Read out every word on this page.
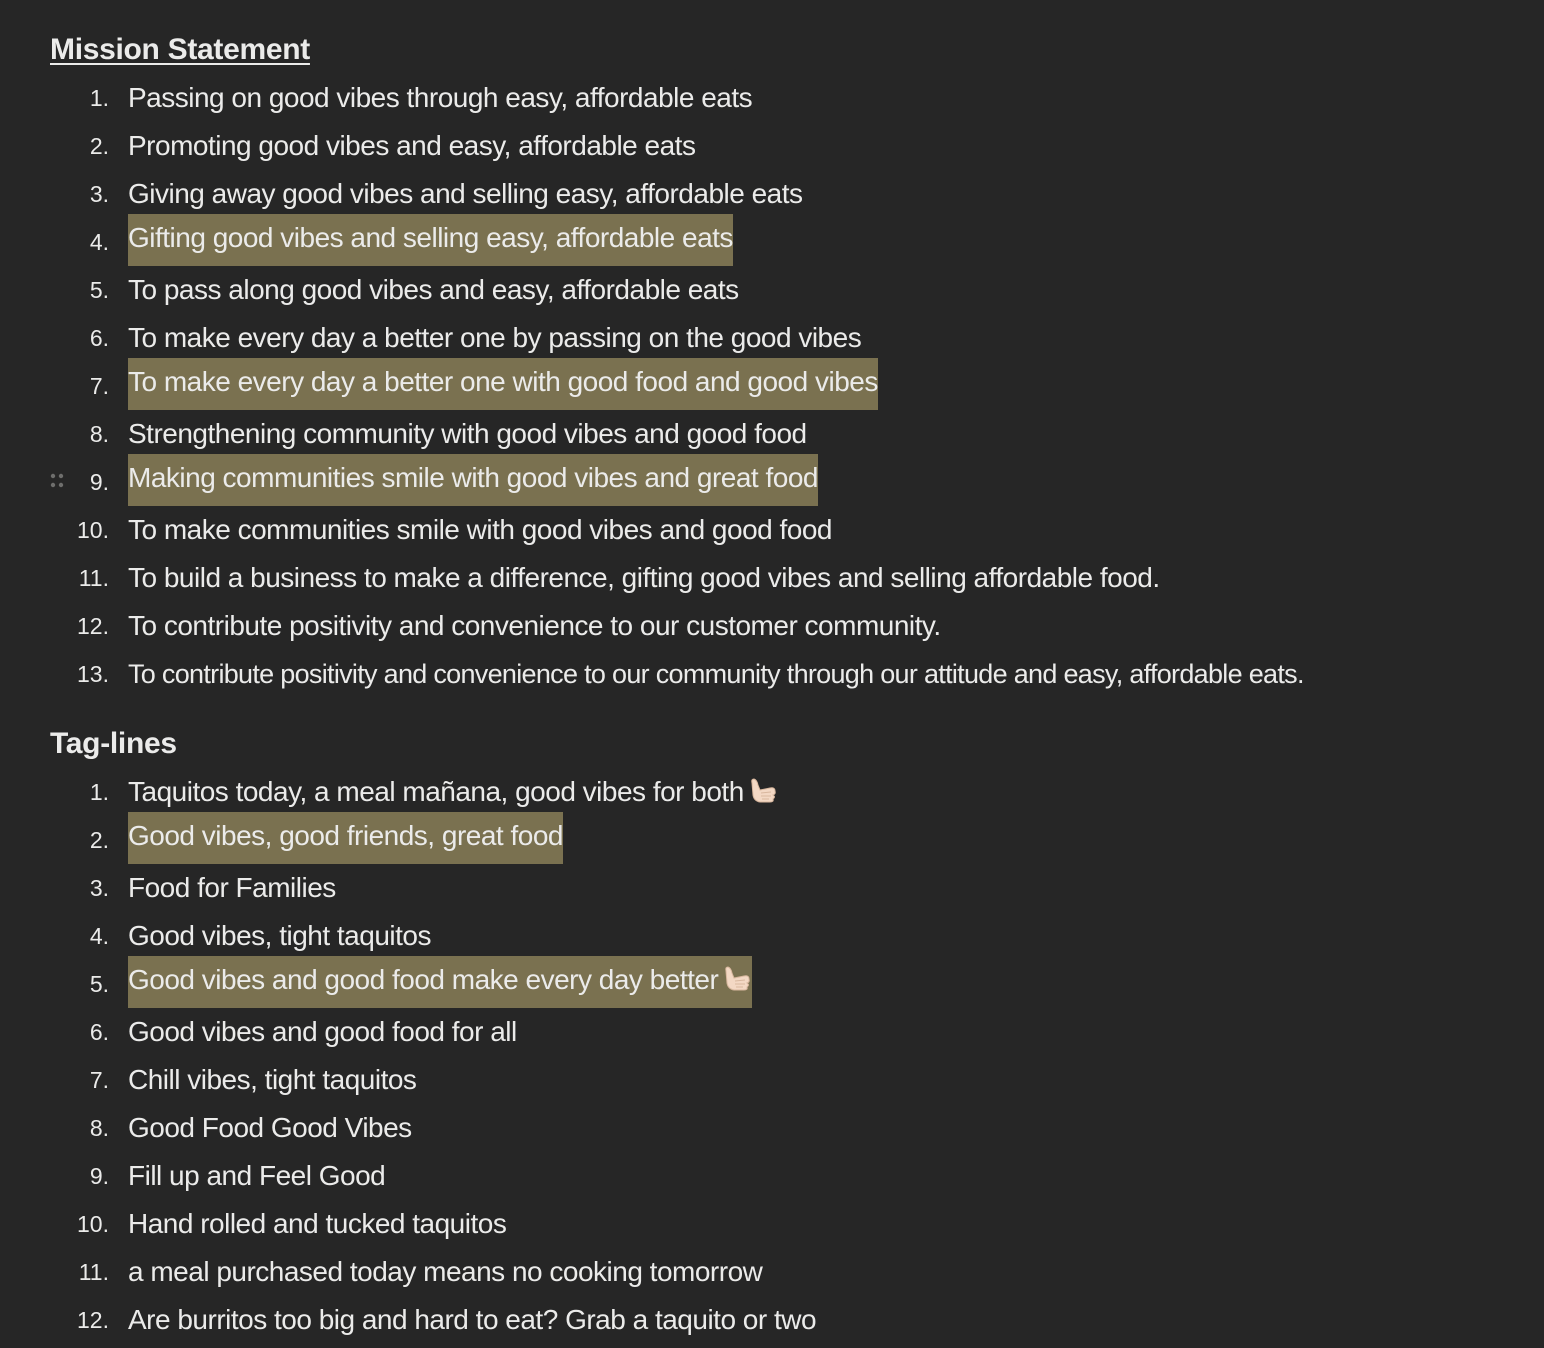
Mission Statement
1. Passing on good vibes through easy, affordable eats
2. Promoting good vibes and easy, affordable eats
3. Giving away good vibes and selling easy, affordable eats
4. Gifting good vibes and selling easy, affordable eats
5. To pass along good vibes and easy, affordable eats
6. To make every day a better one by passing on the good vibes
7. To make every day a better one with good food and good vibes
8. Strengthening community with good vibes and good food
9. Making communities smile with good vibes and great food
10. To make communities smile with good vibes and good food
11. To build a business to make a difference, gifting good vibes and selling affordable food.
12. To contribute positivity and convenience to our customer community.
13. To contribute positivity and convenience to our community through our attitude and easy, affordable eats.
Tag-lines
1. Taquitos today, a meal mañana, good vibes for both
2. Good vibes, good friends, great food
3. Food for Families
4. Good vibes, tight taquitos
5. Good vibes and good food make every day better
6. Good vibes and good food for all
7. Chill vibes, tight taquitos
8. Good Food Good Vibes
9. Fill up and Feel Good
10. Hand rolled and tucked taquitos
11. a meal purchased today means no cooking tomorrow
12. Are burritos too big and hard to eat? Grab a taquito or two
